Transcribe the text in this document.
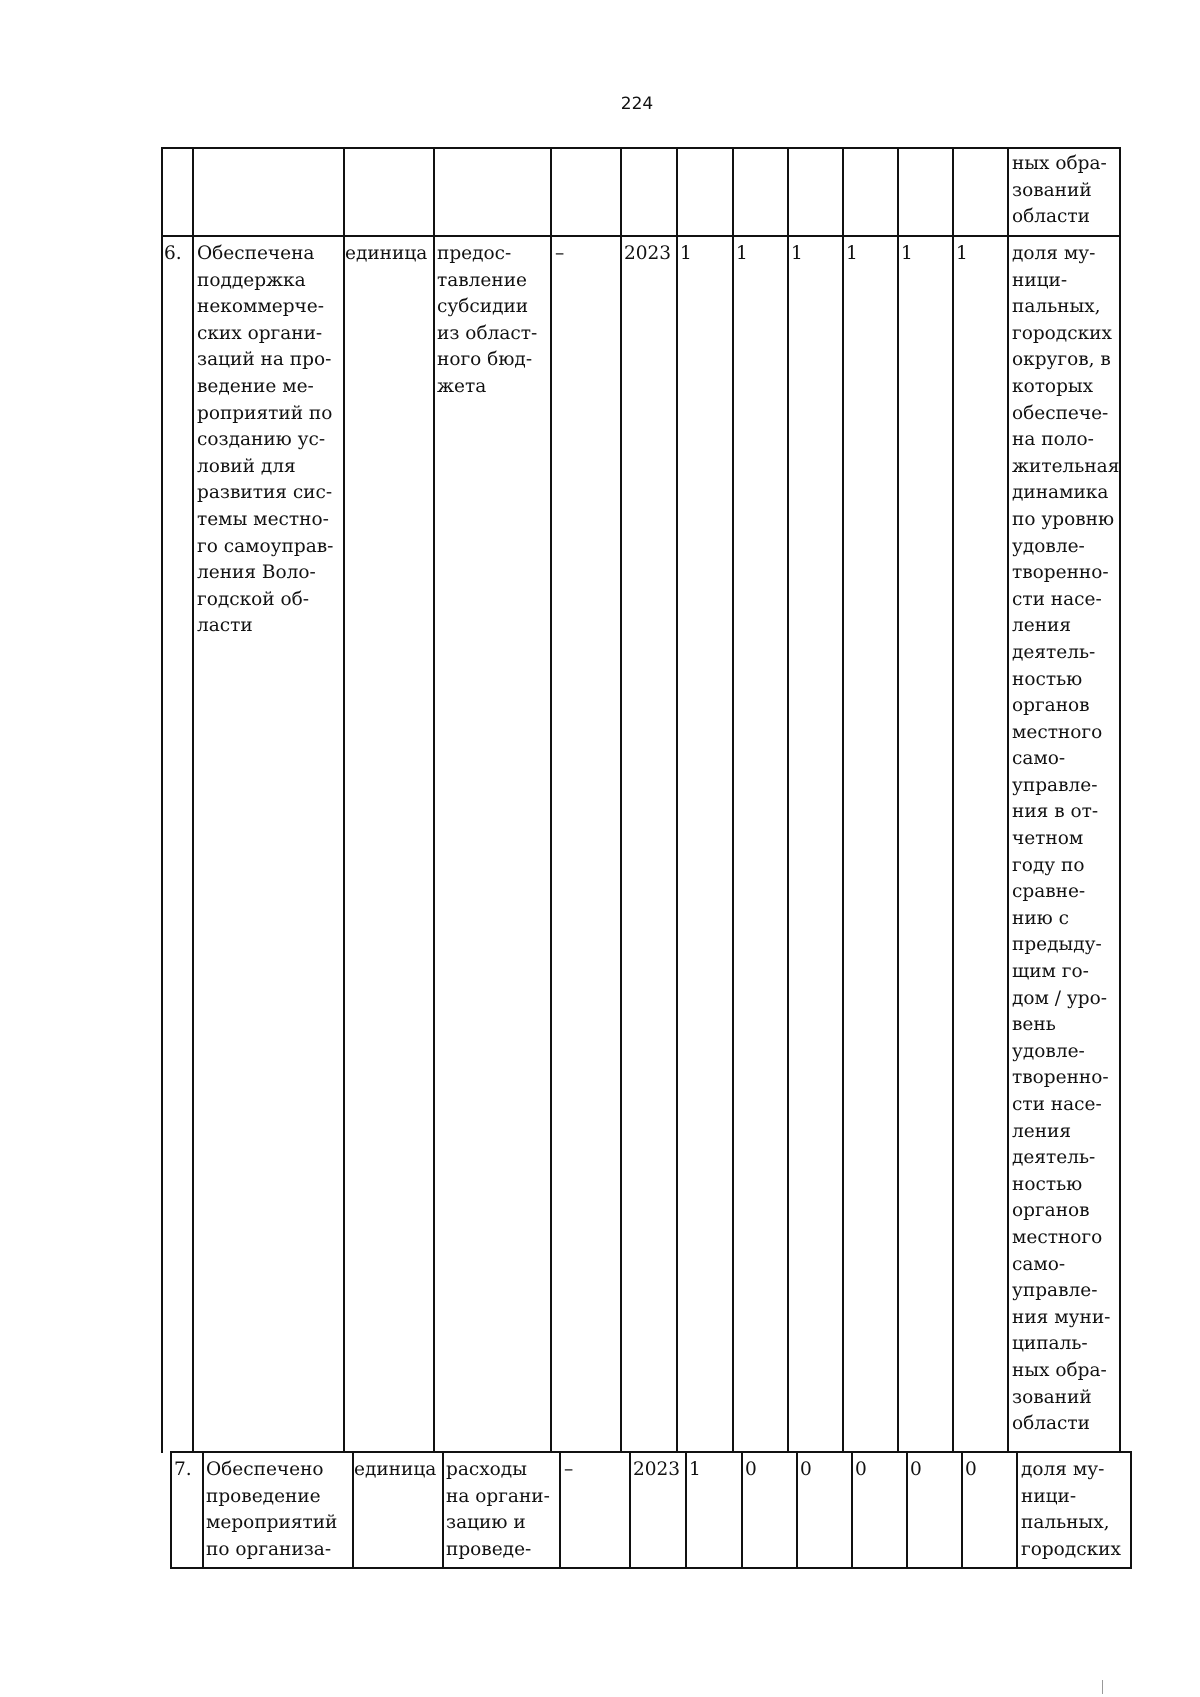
224
ных обра-
зований
области
6. Обеспечена
поддержка
некоммерче-
ских органи-
заций на про-
ведение ме-
роприятий по
созданию ус-
ловий для
развития сис-
темы местно-
го самоуправ-
ления Воло-
годской об-
ласти
единица предос-
тавление
субсидии
из област-
ного бюд-
жета
–	2023 1 1 1 1 1 1 доля му-
ници-
пальных,
городских
округов, в
которых
обеспече-
на поло-
жительная
динамика
по уровню
удовле-
творенно-
сти насе-
ления
деятель-
ностью
органов
местного
само-
управле-
ния в от-
четном
году по
сравне-
нию с
предыду-
щим го-
дом / уро-
вень
удовле-
творенно-
сти насе-
ления
деятель-
ностью
органов
местного
само-
управле-
ния муни-
ципаль-
ных обра-
зований
области
7. Обеспечено
проведение
мероприятий
по организа-
единица расходы
на органи-
зацию и
проведе-
–	2023 1 0 0 0 0 0 доля му-
ници-
пальных,
городских
